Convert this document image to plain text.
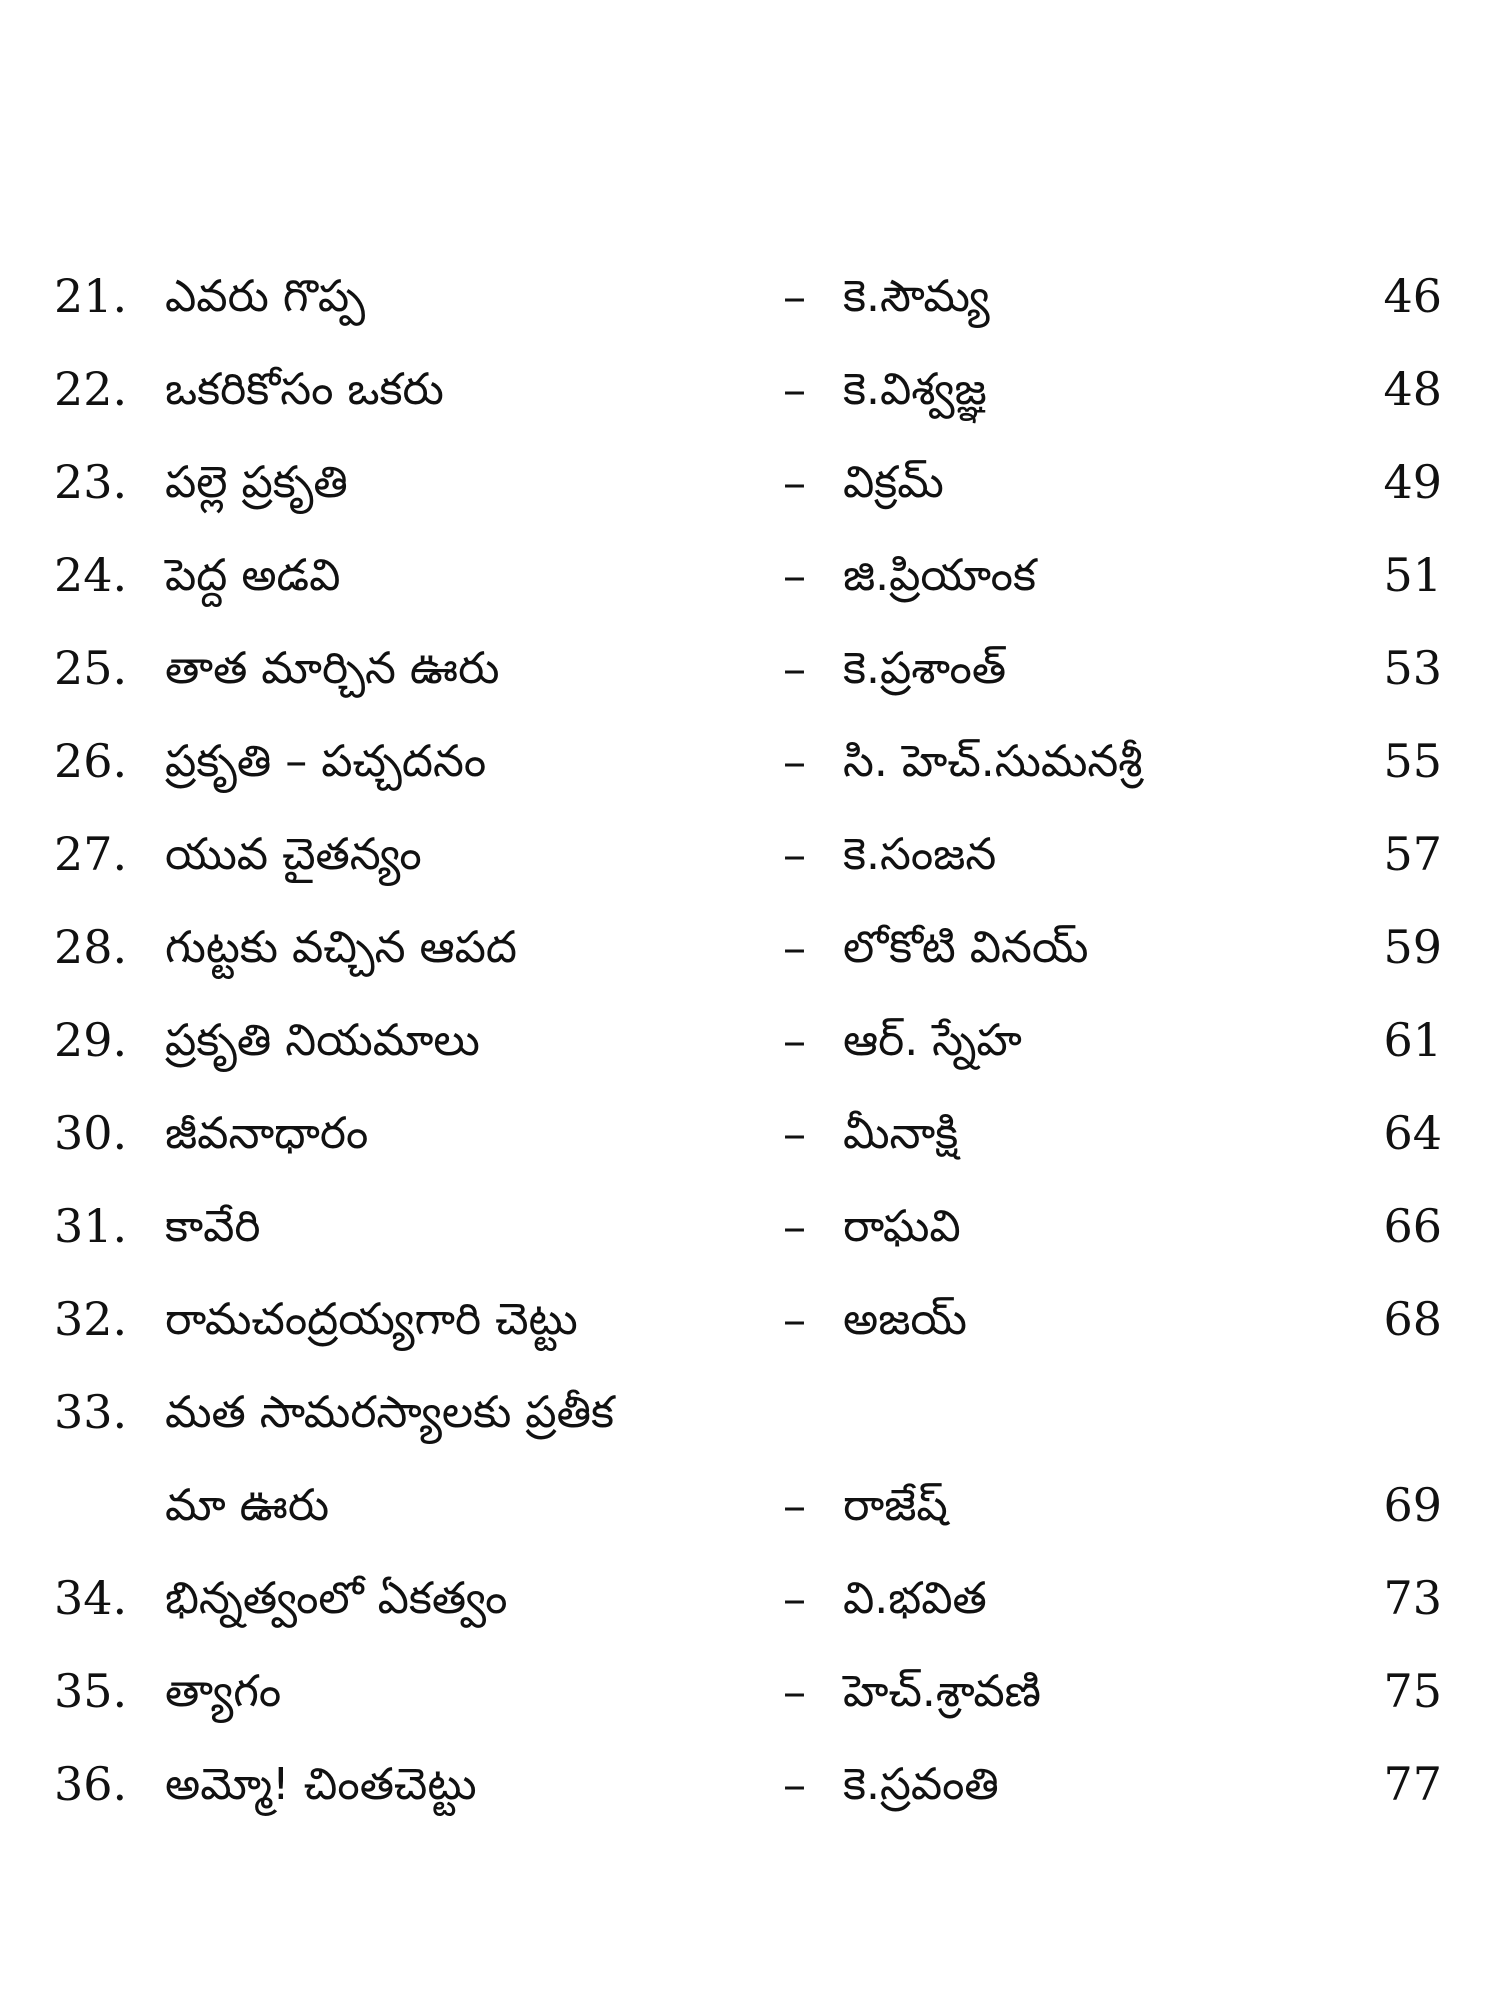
21. ఎవరు గొప్ప	– కె.సౌమ్య	46
22. ఒకరికోసం ఒకరు	– కె.విశ్వజ్ఞ	48
23. పల్లె ప్రకృతి	– విక్రమ్	49
24. పెద్ద అడవి	– జి.ప్రియాంక	51
25. తాత మార్చిన ఊరు	– కె.ప్రశాంత్	53
26. ప్రకృతి – పచ్చదనం	– సి. హెచ్.సుమనశ్రీ	55
27. యువ చైతన్యం	– కె.సంజన	57
28. గుట్టకు వచ్చిన ఆపద	– లోకోటి వినయ్	59
29. ప్రకృతి నియమాలు	– ఆర్. స్నేహ	61
30. జీవనాధారం	– మీనాక్షి	64
31. కావేరి	– రాఘవి	66
32. రామచంద్రయ్యగారి చెట్టు	– అజయ్	68
33. మత సామరస్యాలకు ప్రతీక
మా ఊరు	– రాజేష్	69
34. భిన్నత్వంలో ఏకత్వం	– వి.భవిత	73
35. త్యాగం	– హెచ్.శ్రావణి	75
36. అమ్మో! చింతచెట్టు	– కె.స్రవంతి	77
